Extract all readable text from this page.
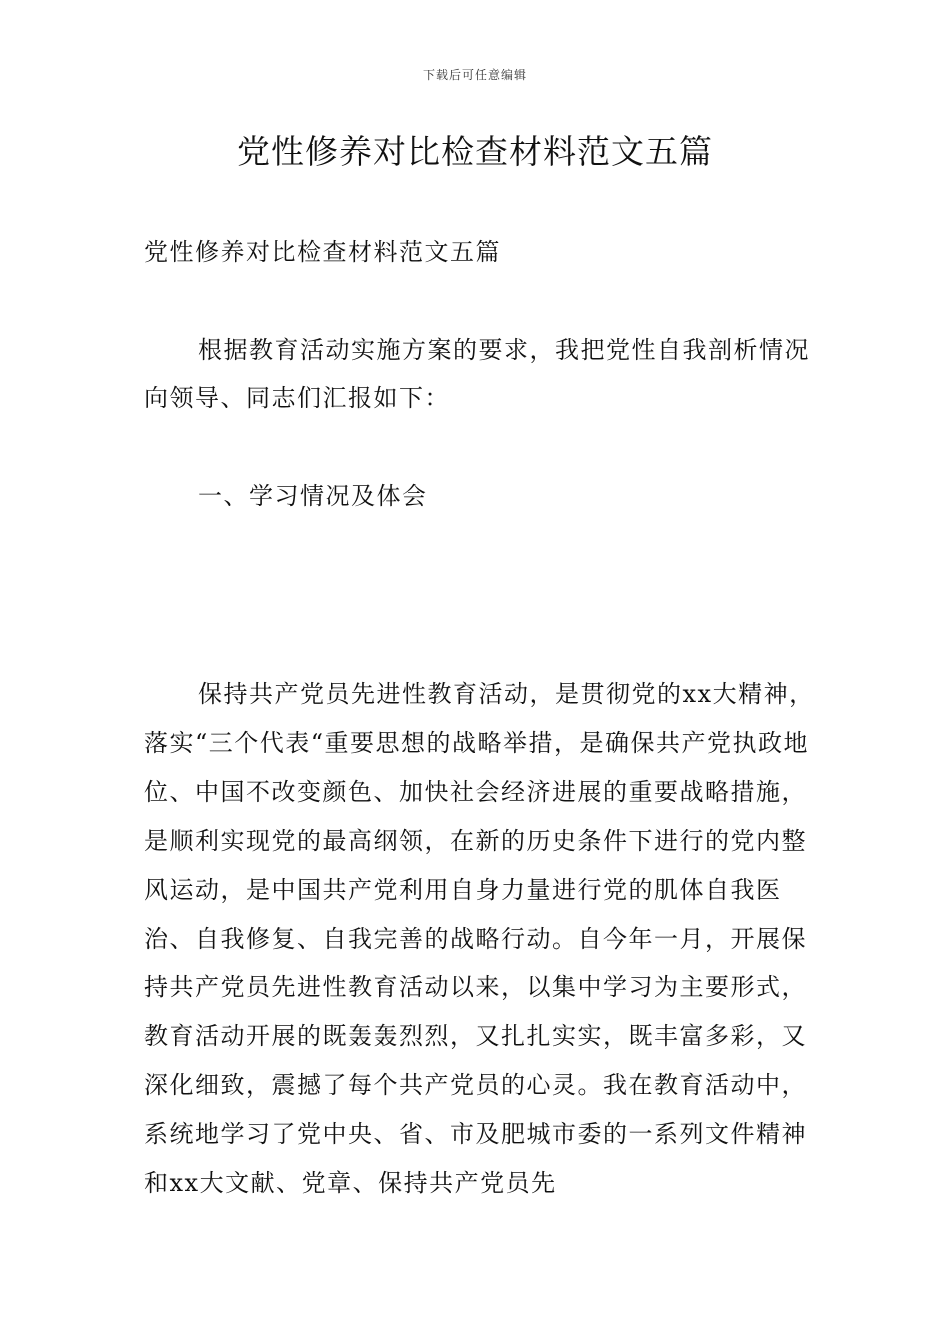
下载后可任意编辑
党性修养对比检查材料范文五篇

党性修养对比检查材料范文五篇

根据教育活动实施方案的要求，我把党性自我剖析情况向领导、同志们汇报如下：

一、学习情况及体会

保持共产党员先进性教育活动，是贯彻党的xx大精神，落实“三个代表“重要思想的战略举措，是确保共产党执政地位、中国不改变颜色、加快社会经济进展的重要战略措施，是顺利实现党的最高纲领，在新的历史条件下进行的党内整风运动，是中国共产党利用自身力量进行党的肌体自我医治、自我修复、自我完善的战略行动。自今年一月，开展保持共产党员先进性教育活动以来，以集中学习为主要形式，教育活动开展的既轰轰烈烈，又扎扎实实，既丰富多彩，又深化细致，震撼了每个共产党员的心灵。我在教育活动中，系统地学习了党中央、省、市及肥城市委的一系列文件精神和xx大文献、党章、保持共产党员先
